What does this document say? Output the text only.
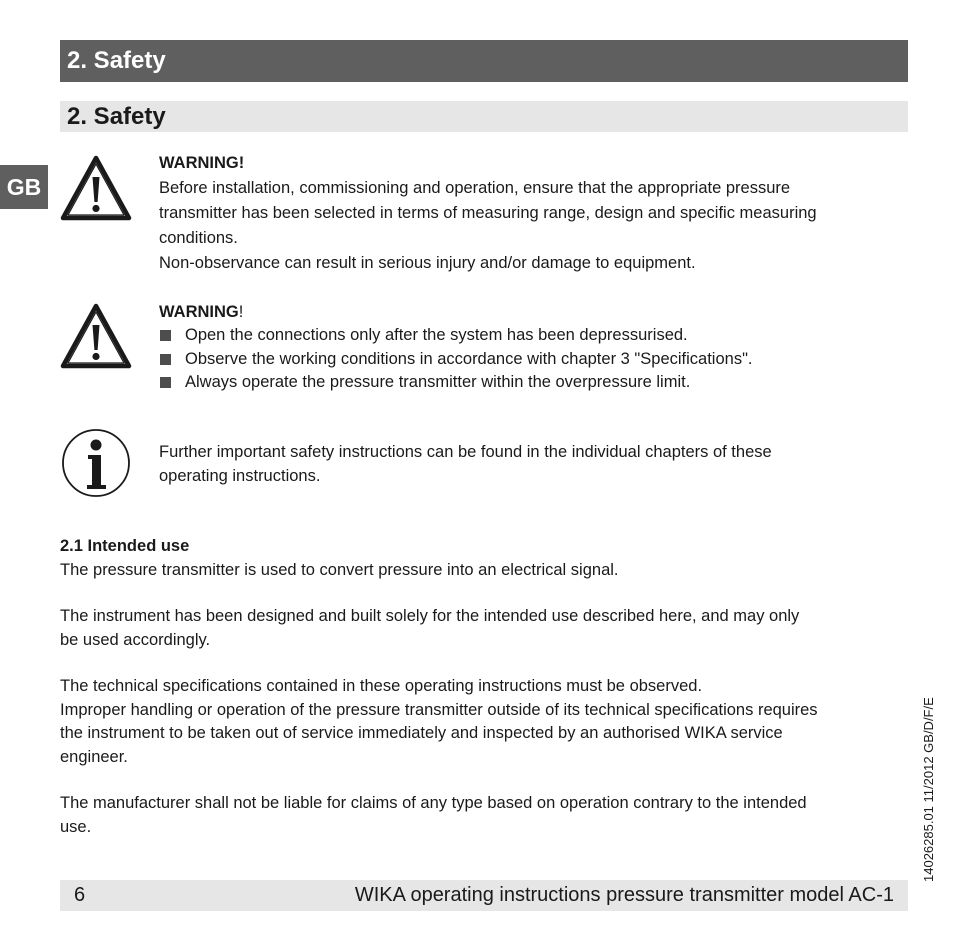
2. Safety
2. Safety
GB

WARNING!

Before installation, commissioning and operation, ensure that the appropriate pressure

transmitter has been selected in terms of measuring range, design and specific measuring

conditions.

Non-observance can result in serious injury and/or damage to equipment.

WARNING!

Open the connections only after the system has been depressurised.
Observe the working conditions in accordance with chapter 3 "Specifications".
Always operate the pressure transmitter within the overpressure limit.

Further important safety instructions can be found in the individual chapters of these

operating instructions.

2.1 Intended use

The pressure transmitter is used to convert pressure into an electrical signal.

The instrument has been designed and built solely for the intended use described here, and may only

be used accordingly.

The technical specifications contained in these operating instructions must be observed.

Improper handling or operation of the pressure transmitter outside of its technical specifications requires

the instrument to be taken out of service immediately and inspected by an authorised WIKA service

engineer.

The manufacturer shall not be liable for claims of any type based on operation contrary to the intended

use.

6	WIKA operating instructions pressure transmitter model AC-1
14026285.01 11/2012 GB/D/F/E
